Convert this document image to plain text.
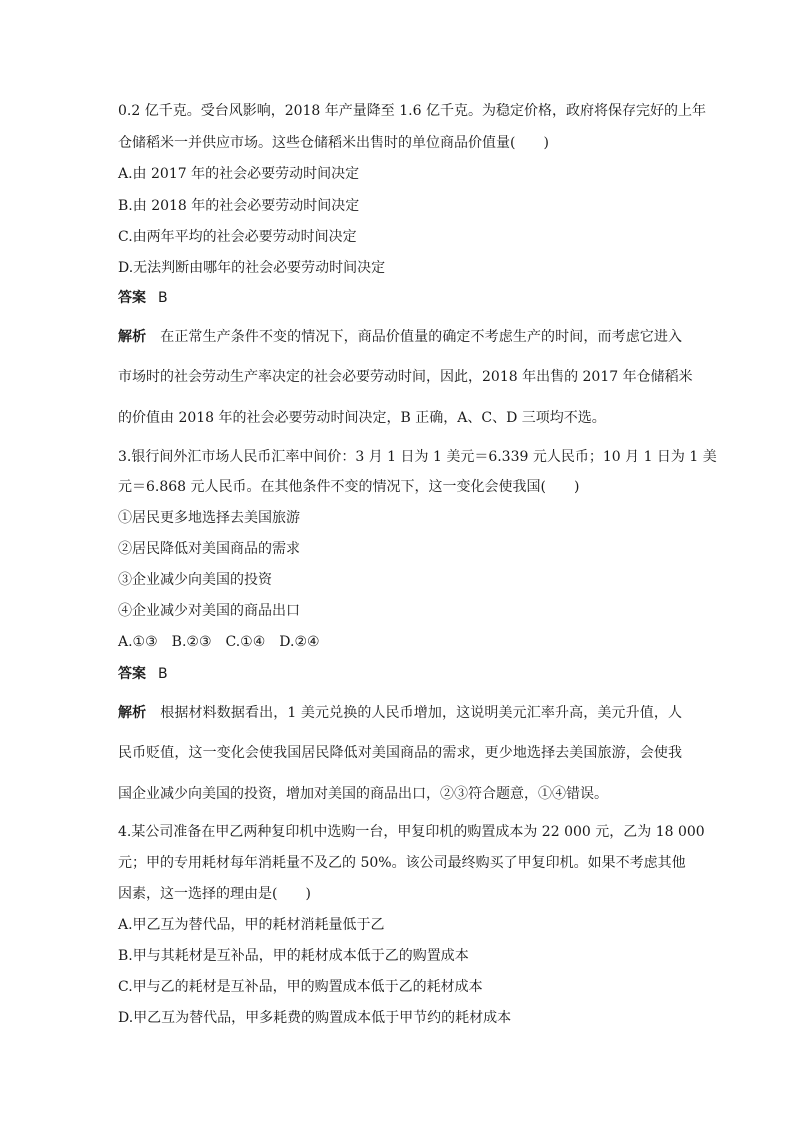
0.2 亿千克。受台风影响，2018 年产量降至 1.6 亿千克。为稳定价格，政府将保存完好的上年
仓储稻米一并供应市场。这些仓储稻米出售时的单位商品价值量(　　)
A.由 2017 年的社会必要劳动时间决定
B.由 2018 年的社会必要劳动时间决定
C.由两年平均的社会必要劳动时间决定
D.无法判断由哪年的社会必要劳动时间决定
答案 B
解析 在正常生产条件不变的情况下，商品价值量的确定不考虑生产的时间，而考虑它进入
市场时的社会劳动生产率决定的社会必要劳动时间，因此，2018 年出售的 2017 年仓储稻米
的价值由 2018 年的社会必要劳动时间决定，B 正确，A、C、D 三项均不选。
3.银行间外汇市场人民币汇率中间价：3 月 1 日为 1 美元＝6.339 元人民币；10 月 1 日为 1 美
元＝6.868 元人民币。在其他条件不变的情况下，这一变化会使我国(　　)
①居民更多地选择去美国旅游
②居民降低对美国商品的需求
③企业减少向美国的投资
④企业减少对美国的商品出口
A.①③　B.②③　C.①④　D.②④
答案 B
解析 根据材料数据看出，1 美元兑换的人民币增加，这说明美元汇率升高，美元升值，人
民币贬值，这一变化会使我国居民降低对美国商品的需求，更少地选择去美国旅游，会使我
国企业减少向美国的投资，增加对美国的商品出口，②③符合题意，①④错误。
4.某公司准备在甲乙两种复印机中选购一台，甲复印机的购置成本为 22 000 元，乙为 18 000
元；甲的专用耗材每年消耗量不及乙的 50%。该公司最终购买了甲复印机。如果不考虑其他
因素，这一选择的理由是(　　)
A.甲乙互为替代品，甲的耗材消耗量低于乙
B.甲与其耗材是互补品，甲的耗材成本低于乙的购置成本
C.甲与乙的耗材是互补品，甲的购置成本低于乙的耗材成本
D.甲乙互为替代品，甲多耗费的购置成本低于甲节约的耗材成本
